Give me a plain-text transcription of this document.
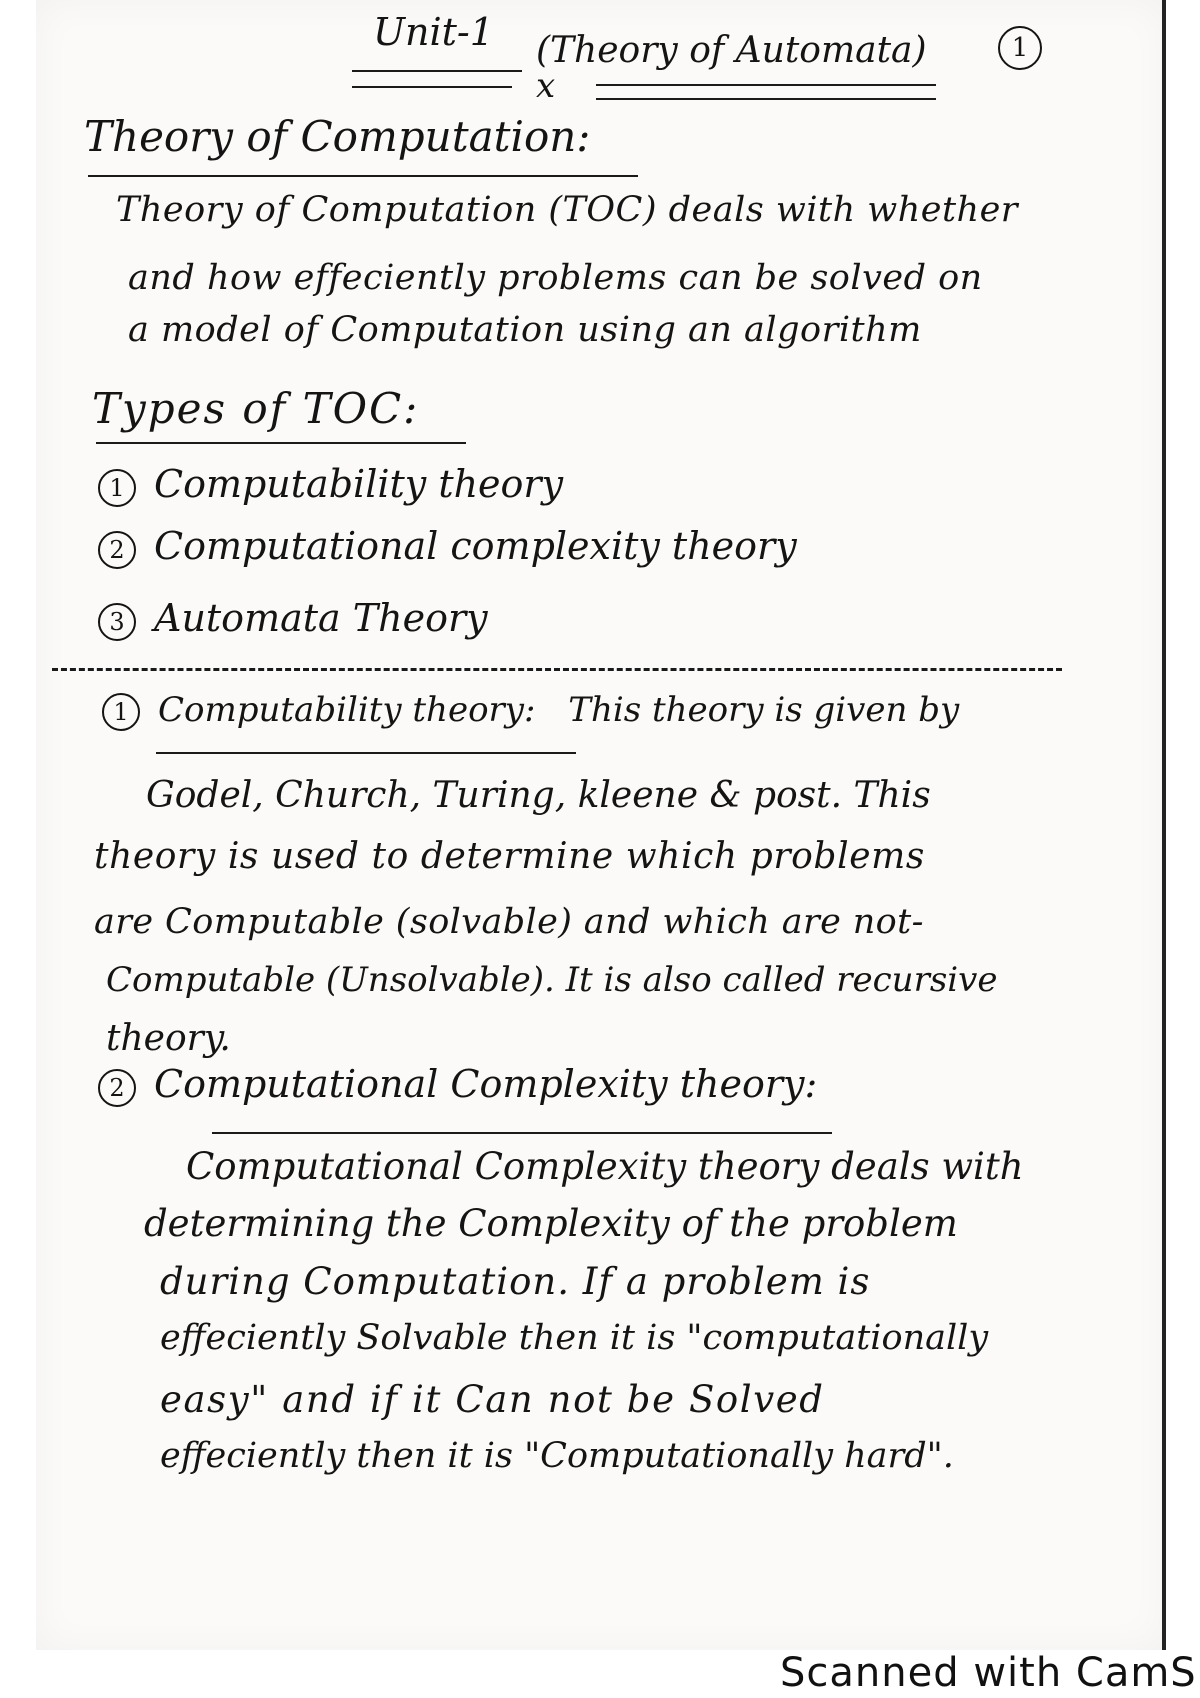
Unit-1 (Theory of Automata)
x
1
Theory of Computation:
Theory of Computation (TOC) deals with whether
and how effeciently problems can be solved on
a model of Computation using an algorithm
Types of TOC:
1 Computability theory
2 Computational complexity theory
3 Automata Theory
1 Computability theory: This theory is given by
Godel, Church, Turing, kleene & post. This
theory is used to determine which problems
are Computable (solvable) and which are not-
Computable (Unsolvable). It is also called recursive
theory.
2 Computational Complexity theory:
Computational Complexity theory deals with
determining the Complexity of the problem
during Computation. If a problem is
effeciently Solvable then it is "computationally
easy" and if it Can not be Solved
effeciently then it is "Computationally hard".
Scanned with CamS
